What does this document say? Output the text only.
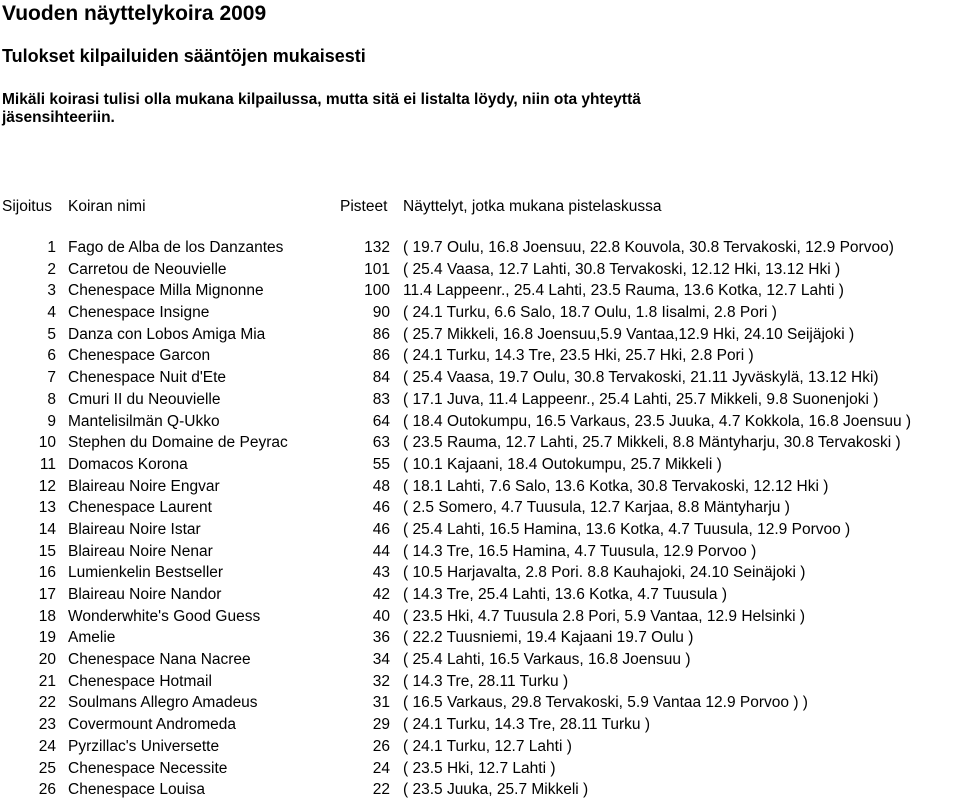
Vuoden näyttelykoira 2009
Tulokset kilpailuiden sääntöjen mukaisesti
Mikäli koirasi tulisi olla mukana kilpailussa, mutta sitä ei listalta löydy, niin ota yhteyttä jäsensihteeriin.
Sijoitus Koiran nimi	Pisteet Näyttelyt, jotka mukana pistelaskussa
1 Fago de Alba de los Danzantes	132 ( 19.7 Oulu, 16.8 Joensuu, 22.8 Kouvola, 30.8 Tervakoski, 12.9 Porvoo)
2 Carretou de Neouvielle	101 ( 25.4 Vaasa, 12.7 Lahti, 30.8 Tervakoski, 12.12 Hki, 13.12 Hki )
3 Chenespace Milla Mignonne	100 11.4 Lappeenr., 25.4 Lahti, 23.5 Rauma, 13.6 Kotka, 12.7 Lahti )
4 Chenespace Insigne	90 ( 24.1 Turku, 6.6 Salo, 18.7 Oulu, 1.8 Iisalmi, 2.8 Pori )
5 Danza con Lobos Amiga Mia	86 ( 25.7 Mikkeli, 16.8 Joensuu,5.9 Vantaa,12.9 Hki, 24.10 Seijäjoki )
6 Chenespace Garcon	86 ( 24.1 Turku, 14.3 Tre, 23.5 Hki, 25.7 Hki, 2.8 Pori )
7 Chenespace Nuit d'Ete	84 ( 25.4 Vaasa, 19.7 Oulu, 30.8 Tervakoski, 21.11 Jyväskylä, 13.12 Hki)
8 Cmuri II du Neouvielle	83 ( 17.1 Juva, 11.4 Lappeenr., 25.4 Lahti, 25.7 Mikkeli, 9.8 Suonenjoki )
9 Mantelisilmän Q-Ukko	64 ( 18.4 Outokumpu, 16.5 Varkaus, 23.5 Juuka, 4.7 Kokkola, 16.8 Joensuu )
10 Stephen du Domaine de Peyrac	63 ( 23.5 Rauma, 12.7 Lahti, 25.7 Mikkeli, 8.8 Mäntyharju, 30.8 Tervakoski )
11 Domacos Korona	55 ( 10.1 Kajaani, 18.4 Outokumpu, 25.7 Mikkeli )
12 Blaireau Noire Engvar	48 ( 18.1 Lahti, 7.6 Salo, 13.6 Kotka, 30.8 Tervakoski, 12.12 Hki )
13 Chenespace Laurent	46 ( 2.5 Somero, 4.7 Tuusula, 12.7 Karjaa, 8.8 Mäntyharju )
14 Blaireau Noire Istar	46 ( 25.4 Lahti, 16.5 Hamina, 13.6 Kotka, 4.7 Tuusula, 12.9 Porvoo )
15 Blaireau Noire Nenar	44 ( 14.3 Tre, 16.5 Hamina, 4.7 Tuusula, 12.9 Porvoo )
16 Lumienkelin Bestseller	43 ( 10.5 Harjavalta, 2.8 Pori. 8.8 Kauhajoki, 24.10 Seinäjoki )
17 Blaireau Noire Nandor	42 ( 14.3 Tre, 25.4 Lahti, 13.6 Kotka, 4.7 Tuusula )
18 Wonderwhite's Good Guess	40 ( 23.5 Hki, 4.7 Tuusula 2.8 Pori, 5.9 Vantaa, 12.9 Helsinki )
19 Amelie	36 ( 22.2 Tuusniemi, 19.4 Kajaani 19.7 Oulu )
20 Chenespace Nana Nacree	34 ( 25.4 Lahti, 16.5 Varkaus, 16.8 Joensuu )
21 Chenespace Hotmail	32 ( 14.3 Tre, 28.11 Turku )
22 Soulmans Allegro Amadeus	31 ( 16.5 Varkaus, 29.8 Tervakoski, 5.9 Vantaa 12.9 Porvoo ) )
23 Covermount Andromeda	29 ( 24.1 Turku, 14.3 Tre, 28.11 Turku )
24 Pyrzillac's Universette	26 ( 24.1 Turku, 12.7 Lahti )
25 Chenespace Necessite	24 ( 23.5 Hki, 12.7 Lahti )
26 Chenespace Louisa	22 ( 23.5 Juuka, 25.7 Mikkeli )
